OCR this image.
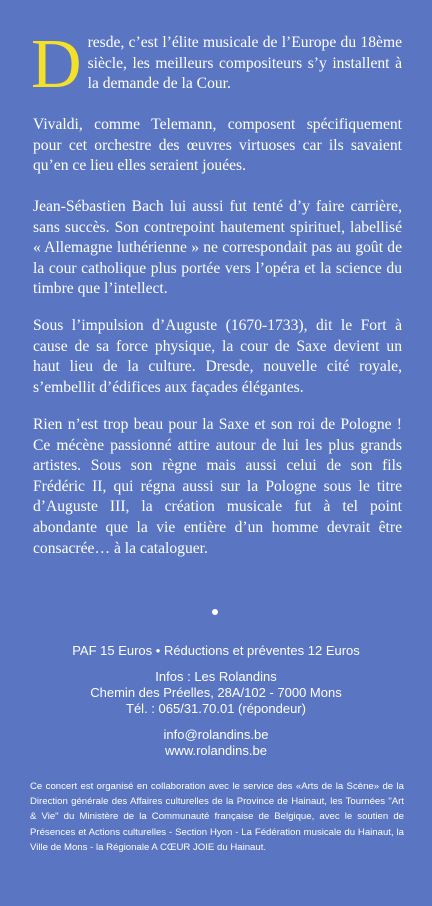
Dresde, c’est l’élite musicale de l’Europe du 18ème siècle, les meilleurs compositeurs s’y installent à la demande de la Cour.

Vivaldi, comme Telemann, composent spécifiquement pour cet orchestre des œuvres virtuoses car ils savaient qu’en ce lieu elles seraient jouées.

Jean-Sébastien Bach lui aussi fut tenté d’y faire carrière, sans succès. Son contrepoint hautement spirituel, labellisé « Allemagne luthérienne » ne correspondait pas au goût de la cour catholique plus portée vers l’opéra et la science du timbre que l’intellect.

Sous l’impulsion d’Auguste (1670-1733), dit le Fort à cause de sa force physique, la cour de Saxe devient un haut lieu de la culture. Dresde, nouvelle cité royale, s’embellit d’édifices aux façades élégantes.

Rien n’est trop beau pour la Saxe et son roi de Pologne ! Ce mécène passionné attire autour de lui les plus grands artistes. Sous son règne mais aussi celui de son fils Frédéric II, qui régna aussi sur la Pologne sous le titre d’Auguste III, la création musicale fut à tel point abondante que la vie entière d’un homme devrait être consacrée… à la cataloguer.

PAF 15 Euros • Réductions et préventes 12 Euros
Infos : Les Rolandins
Chemin des Préelles, 28A/102 - 7000 Mons
Tél. : 065/31.70.01 (répondeur)
info@rolandins.be
www.rolandins.be

Ce concert est organisé en collaboration avec le service des «Arts de la Scène» de la Direction générale des Affaires culturelles de la Province de Hainaut, les Tournées "Art & Vie" du Ministère de la Communauté française de Belgique, avec le soutien de Présences et Actions culturelles - Section Hyon - La Fédération musicale du Hainaut, la Ville de Mons - la Régionale A CŒUR JOIE du Hainaut.
